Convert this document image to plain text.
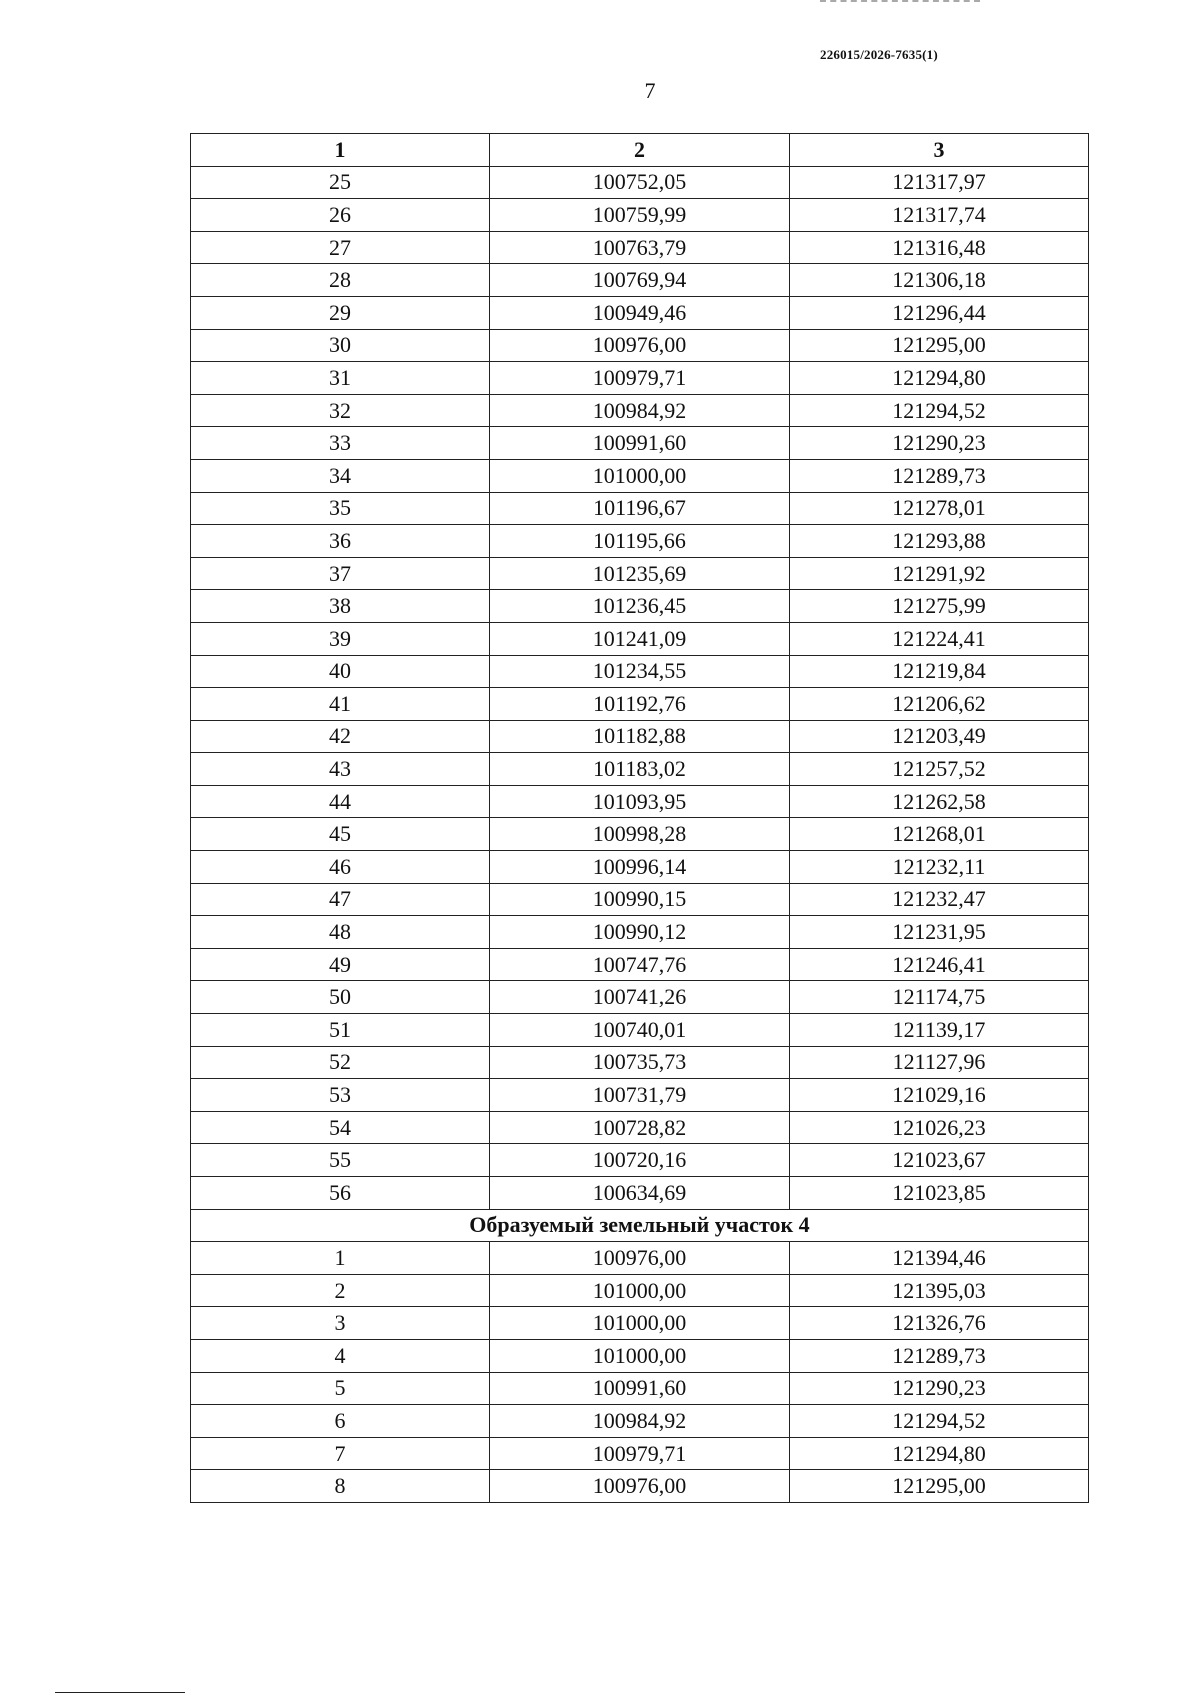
226015/2026-7635(1)
7
1	2	3
25	100752,05	121317,97
26	100759,99	121317,74
27	100763,79	121316,48
28	100769,94	121306,18
29	100949,46	121296,44
30	100976,00	121295,00
31	100979,71	121294,80
32	100984,92	121294,52
33	100991,60	121290,23
34	101000,00	121289,73
35	101196,67	121278,01
36	101195,66	121293,88
37	101235,69	121291,92
38	101236,45	121275,99
39	101241,09	121224,41
40	101234,55	121219,84
41	101192,76	121206,62
42	101182,88	121203,49
43	101183,02	121257,52
44	101093,95	121262,58
45	100998,28	121268,01
46	100996,14	121232,11
47	100990,15	121232,47
48	100990,12	121231,95
49	100747,76	121246,41
50	100741,26	121174,75
51	100740,01	121139,17
52	100735,73	121127,96
53	100731,79	121029,16
54	100728,82	121026,23
55	100720,16	121023,67
56	100634,69	121023,85
Образуемый земельный участок 4		
1	100976,00	121394,46
2	101000,00	121395,03
3	101000,00	121326,76
4	101000,00	121289,73
5	100991,60	121290,23
6	100984,92	121294,52
7	100979,71	121294,80
8	100976,00	121295,00
